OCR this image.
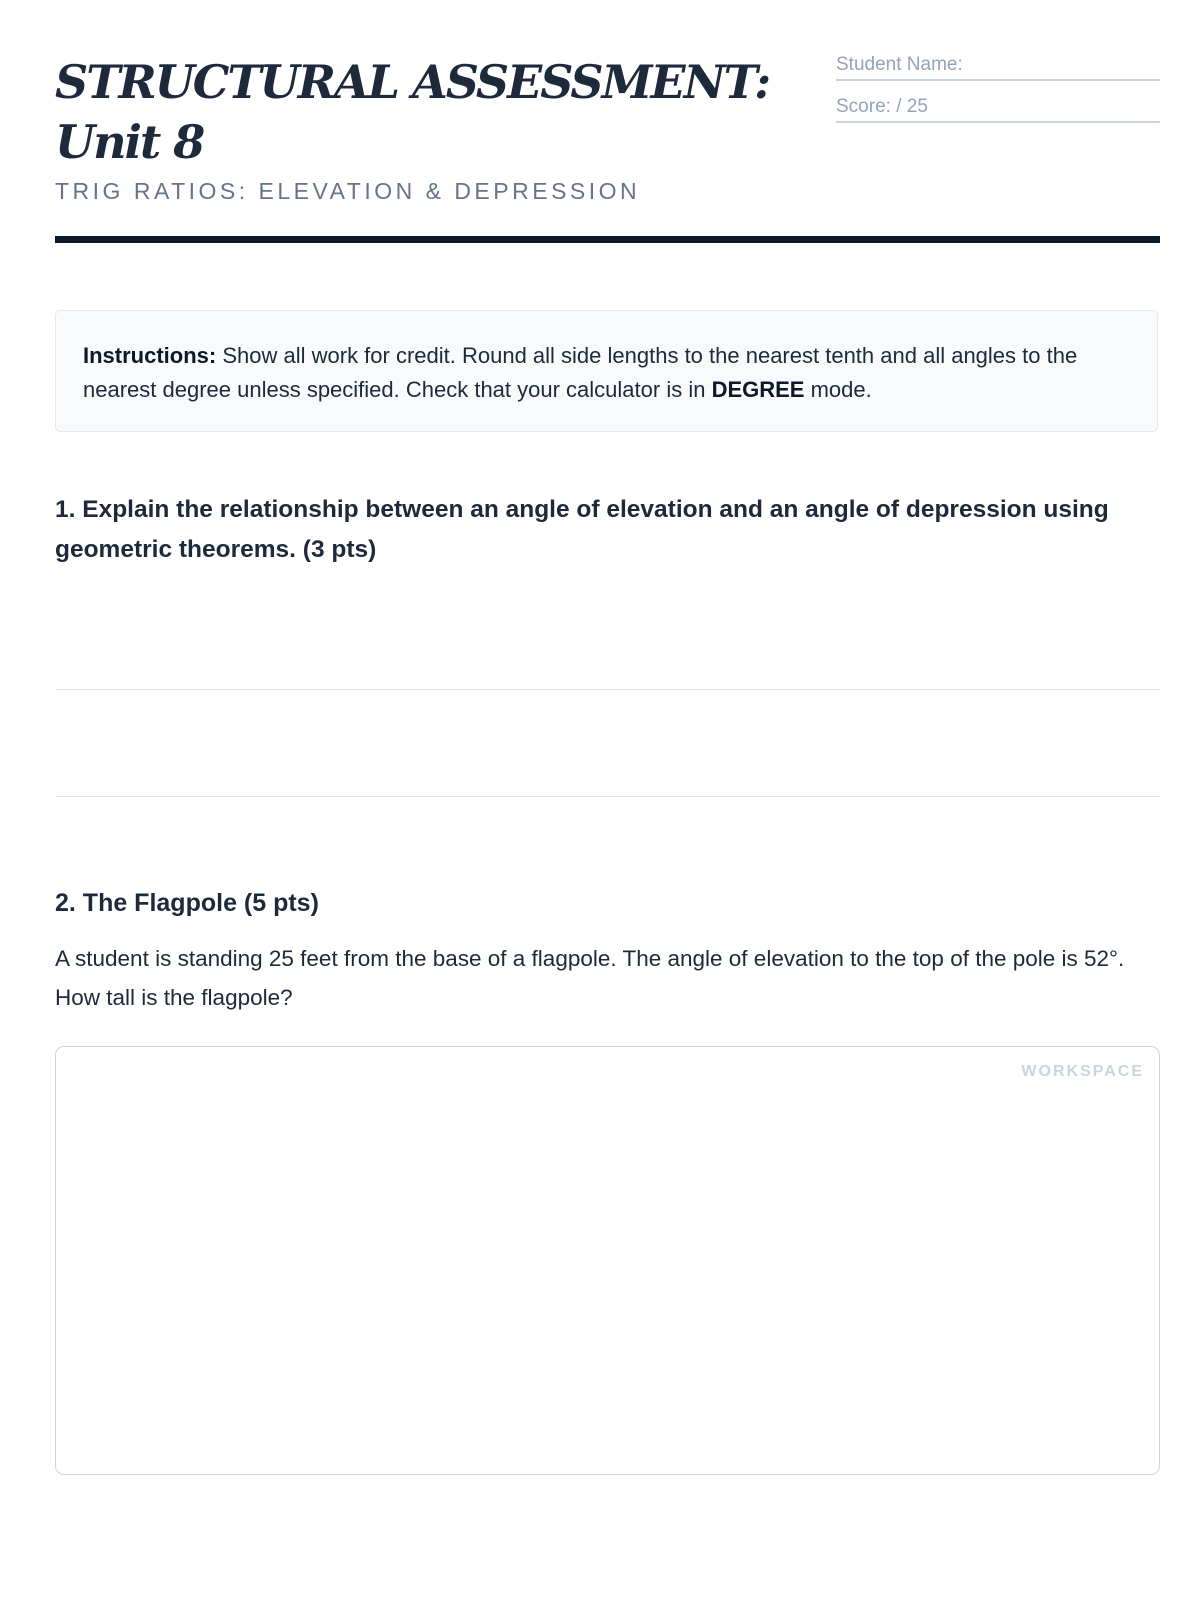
STRUCTURAL ASSESSMENT: Unit 8
TRIG RATIOS: ELEVATION & DEPRESSION
Student Name:
Score: / 25
Instructions: Show all work for credit. Round all side lengths to the nearest tenth and all angles to the nearest degree unless specified. Check that your calculator is in DEGREE mode.
1. Explain the relationship between an angle of elevation and an angle of depression using geometric theorems. (3 pts)
2. The Flagpole (5 pts)

A student is standing 25 feet from the base of a flagpole. The angle of elevation to the top of the pole is 52°. How tall is the flagpole?

WORKSPACE
